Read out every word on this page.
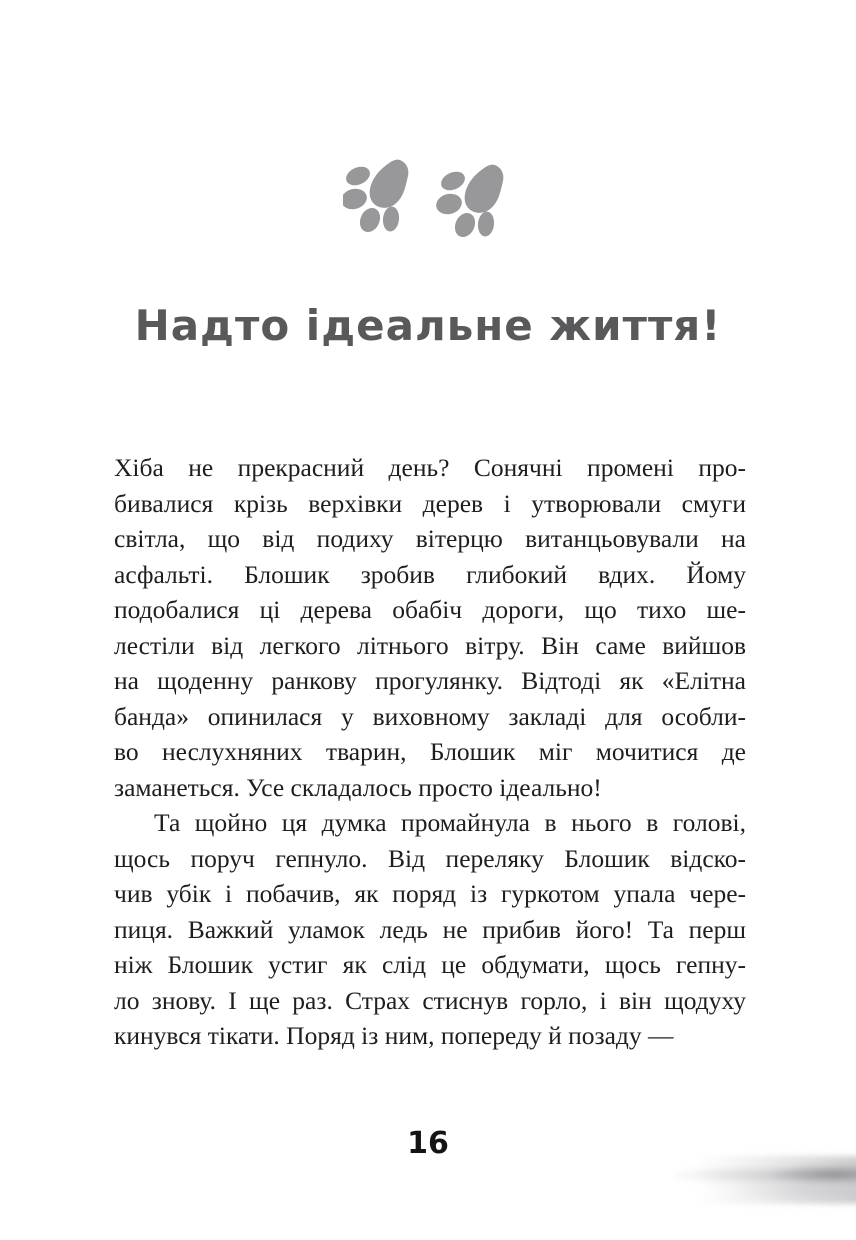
Надто ідеальне життя!
Хіба не прекрасний день? Сонячні промені про-
бивалися крізь верхівки дерев і утворювали смуги
світла, що від подиху вітерцю витанцьовували на
асфальті. Блошик зробив глибокий вдих. Йому
подобалися ці дерева обабіч дороги, що тихо ше-
лестіли від легкого літнього вітру. Він саме вийшов
на щоденну ранкову прогулянку. Відтоді як «Елітна
банда» опинилася у виховному закладі для особли-
во неслухняних тварин, Блошик міг мочитися де
заманеться. Усе складалось просто ідеально!
Та щойно ця думка промайнула в нього в голові,
щось поруч гепнуло. Від переляку Блошик відско-
чив убік і побачив, як поряд із гуркотом упала чере-
пиця. Важкий уламок ледь не прибив його! Та перш
ніж Блошик устиг як слід це обдумати, щось гепну-
ло знову. І ще раз. Страх стиснув горло, і він щодуху
кинувся тікати. Поряд із ним, попереду й позаду —
16
